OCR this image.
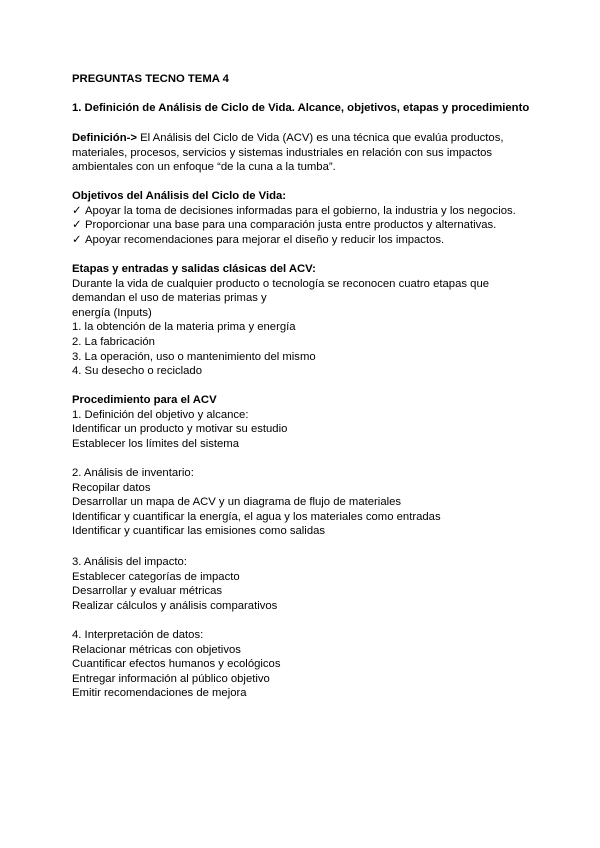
PREGUNTAS TECNO TEMA 4
1. Definición de Análisis de Ciclo de Vida. Alcance, objetivos, etapas y procedimiento
Definición-> El Análisis del Ciclo de Vida (ACV) es una técnica que evalúa productos,
materiales, procesos, servicios y sistemas industriales en relación con sus impactos
ambientales con un enfoque “de la cuna a la tumba”.
Objetivos del Análisis del Ciclo de Vida:
✓ Apoyar la toma de decisiones informadas para el gobierno, la industria y los negocios.
✓ Proporcionar una base para una comparación justa entre productos y alternativas.
✓ Apoyar recomendaciones para mejorar el diseño y reducir los impactos.
Etapas y entradas y salidas clásicas del ACV:
Durante la vida de cualquier producto o tecnología se reconocen cuatro etapas que
demandan el uso de materias primas y
energía (Inputs)
1. la obtención de la materia prima y energía
2. La fabricación
3. La operación, uso o mantenimiento del mismo
4. Su desecho o reciclado
Procedimiento para el ACV
1. Definición del objetivo y alcance:
Identificar un producto y motivar su estudio
Establecer los límites del sistema
2. Análisis de inventario:
Recopilar datos
Desarrollar un mapa de ACV y un diagrama de flujo de materiales
Identificar y cuantificar la energía, el agua y los materiales como entradas
Identificar y cuantificar las emisiones como salidas
3. Análisis del impacto:
Establecer categorías de impacto
Desarrollar y evaluar métricas
Realizar cálculos y análisis comparativos
4. Interpretación de datos:
Relacionar métricas con objetivos
Cuantificar efectos humanos y ecológicos
Entregar información al público objetivo
Emitir recomendaciones de mejora
